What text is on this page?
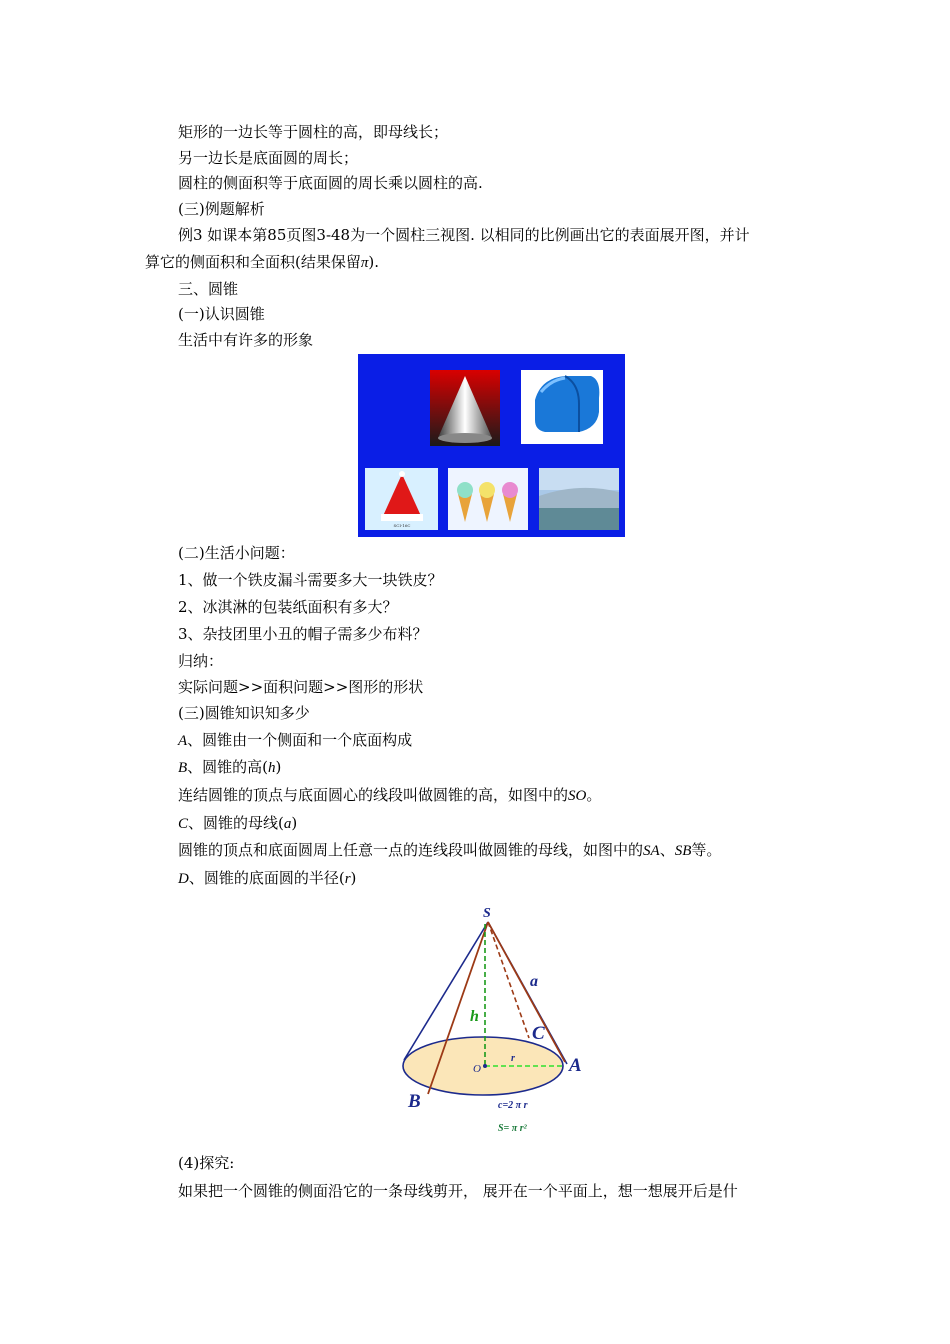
矩形的一边长等于圆柱的高，即母线长；
另一边长是底面圆的周长；
圆柱的侧面积等于底面圆的周长乘以圆柱的高.
(三)例题解析
例3 如课本第85页图3-48为一个圆柱三视图. 以相同的比例画出它的表面展开图，并计
算它的侧面积和全面积(结果保留π).
三、圆锥
(一)认识圆锥
生活中有许多的形象
SCI-16C
(二)生活小问题：
1、做一个铁皮漏斗需要多大一块铁皮？
2、冰淇淋的包装纸面积有多大？
3、杂技团里小丑的帽子需多少布料？
归纳：
实际问题>>面积问题>>图形的形状
(三)圆锥知识知多少
A、圆锥由一个侧面和一个底面构成
B、圆锥的高(h)
连结圆锥的顶点与底面圆心的线段叫做圆锥的高，如图中的SO。
C、圆锥的母线(a)
圆锥的顶点和底面圆周上任意一点的连线段叫做圆锥的母线，如图中的SA、SB等。
D、圆锥的底面圆的半径(r)
S
a
h
C
O
r	A
B	c=2 π r
S= π r²
(4)探究:
如果把一个圆锥的侧面沿它的一条母线剪开， 展开在一个平面上，想一想展开后是什
